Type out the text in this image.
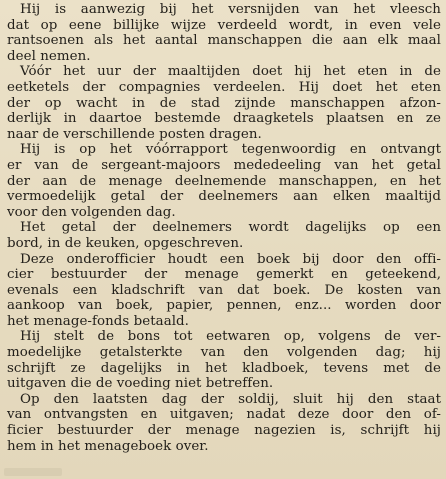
Hij is aanwezig bij het versnijden van het vleesch
dat op eene billijke wijze verdeeld wordt, in even vele
rantsoenen als het aantal manschappen die aan elk maal
deel nemen.

Vóór het uur der maaltijden doet hij het eten in de
eetketels der compagnies verdeelen. Hij doet het eten
der op wacht in de stad zijnde manschappen afzon-
derlijk in daartoe bestemde draagketels plaatsen en ze
naar de verschillende posten dragen.

Hij is op het vóórrapport tegenwoordig en ontvangt
er van de sergeant-majoors mededeeling van het getal
der aan de menage deelnemende manschappen, en het
vermoedelijk getal der deelnemers aan elken maaltijd
voor den volgenden dag.

Het getal der deelnemers wordt dagelijks op een
bord, in de keuken, opgeschreven.

Deze onderofficier houdt een boek bij door den offi-
cier bestuurder der menage gemerkt en geteekend,
evenals een kladschrift van dat boek. De kosten van
aankoop van boek, papier, pennen, enz... worden door
het menage-fonds betaald.

Hij stelt de bons tot eetwaren op, volgens de ver-
moedelijke getalsterkte van den volgenden dag; hij
schrijft ze dagelijks in het kladboek, tevens met de
uitgaven die de voeding niet betreffen.

Op den laatsten dag der soldij, sluit hij den staat
van ontvangsten en uitgaven; nadat deze door den of-
ficier bestuurder der menage nagezien is, schrijft hij
hem in het menageboek over.
